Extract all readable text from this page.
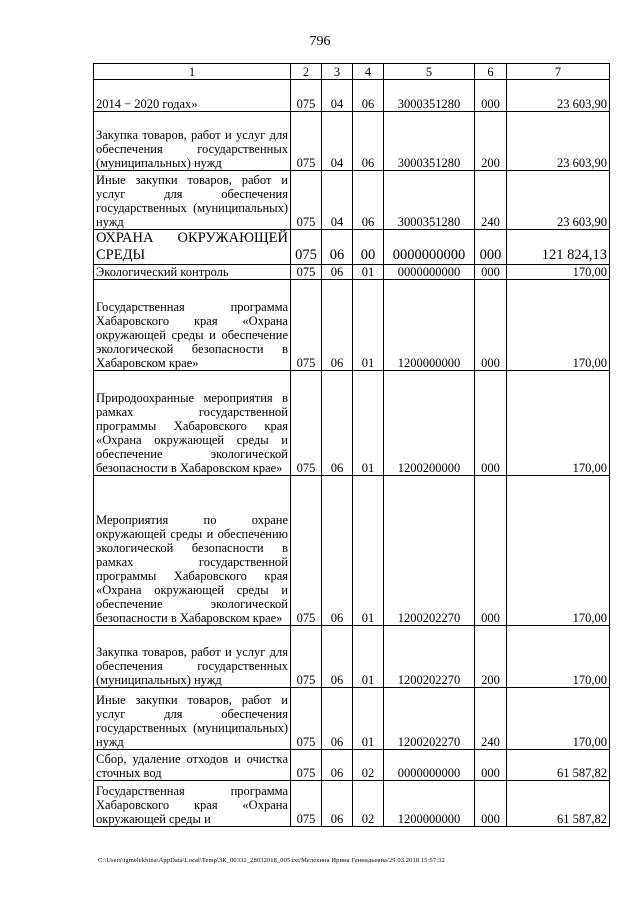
796
1	2	3	4	5	6	7
2014 − 2020 годах»	075	04	06	3000351280	000	23 603,90
Закупка товаров, работ и услуг для обеспечения государственных (муниципальных) нужд	075	04	06	3000351280	200	23 603,90
Иные закупки товаров, работ и услуг для обеспечения государственных (муниципальных) нужд	075	04	06	3000351280	240	23 603,90
ОХРАНА ОКРУЖАЮЩЕЙ СРЕДЫ	075	06	00	0000000000	000	121 824,13
Экологический контроль	075	06	01	0000000000	000	170,00
Государственная программа Хабаровского края «Охрана окружающей среды и обеспечение экологической безопасности в Хабаровском крае»	075	06	01	1200000000	000	170,00
Природоохранные мероприятия в рамках государственной программы Хабаровского края «Охрана окружающей среды и обеспечение экологической безопасности в Хабаровском крае»	075	06	01	1200200000	000	170,00
Мероприятия по охране окружающей среды и обеспечению экологической безопасности в рамках государственной программы Хабаровского края «Охрана окружающей среды и обеспечение экологической безопасности в Хабаровском крае»	075	06	01	1200202270	000	170,00
Закупка товаров, работ и услуг для обеспечения государственных (муниципальных) нужд	075	06	01	1200202270	200	170,00
Иные закупки товаров, работ и услуг для обеспечения государственных (муниципальных) нужд	075	06	01	1200202270	240	170,00
Сбор, удаление отходов и очистка сточных вод	075	06	02	0000000000	000	61 587,82
Государственная программа Хабаровского края «Охрана окружающей среды и	075	06	02	1200000000	000	61 587,82
C:\Users\igmelekhina\AppData\Local\Temp\ЗК_00332_28032018_005.txt/Мелехина Ирина Геннадьевна/29.03.2018 15:57:32
